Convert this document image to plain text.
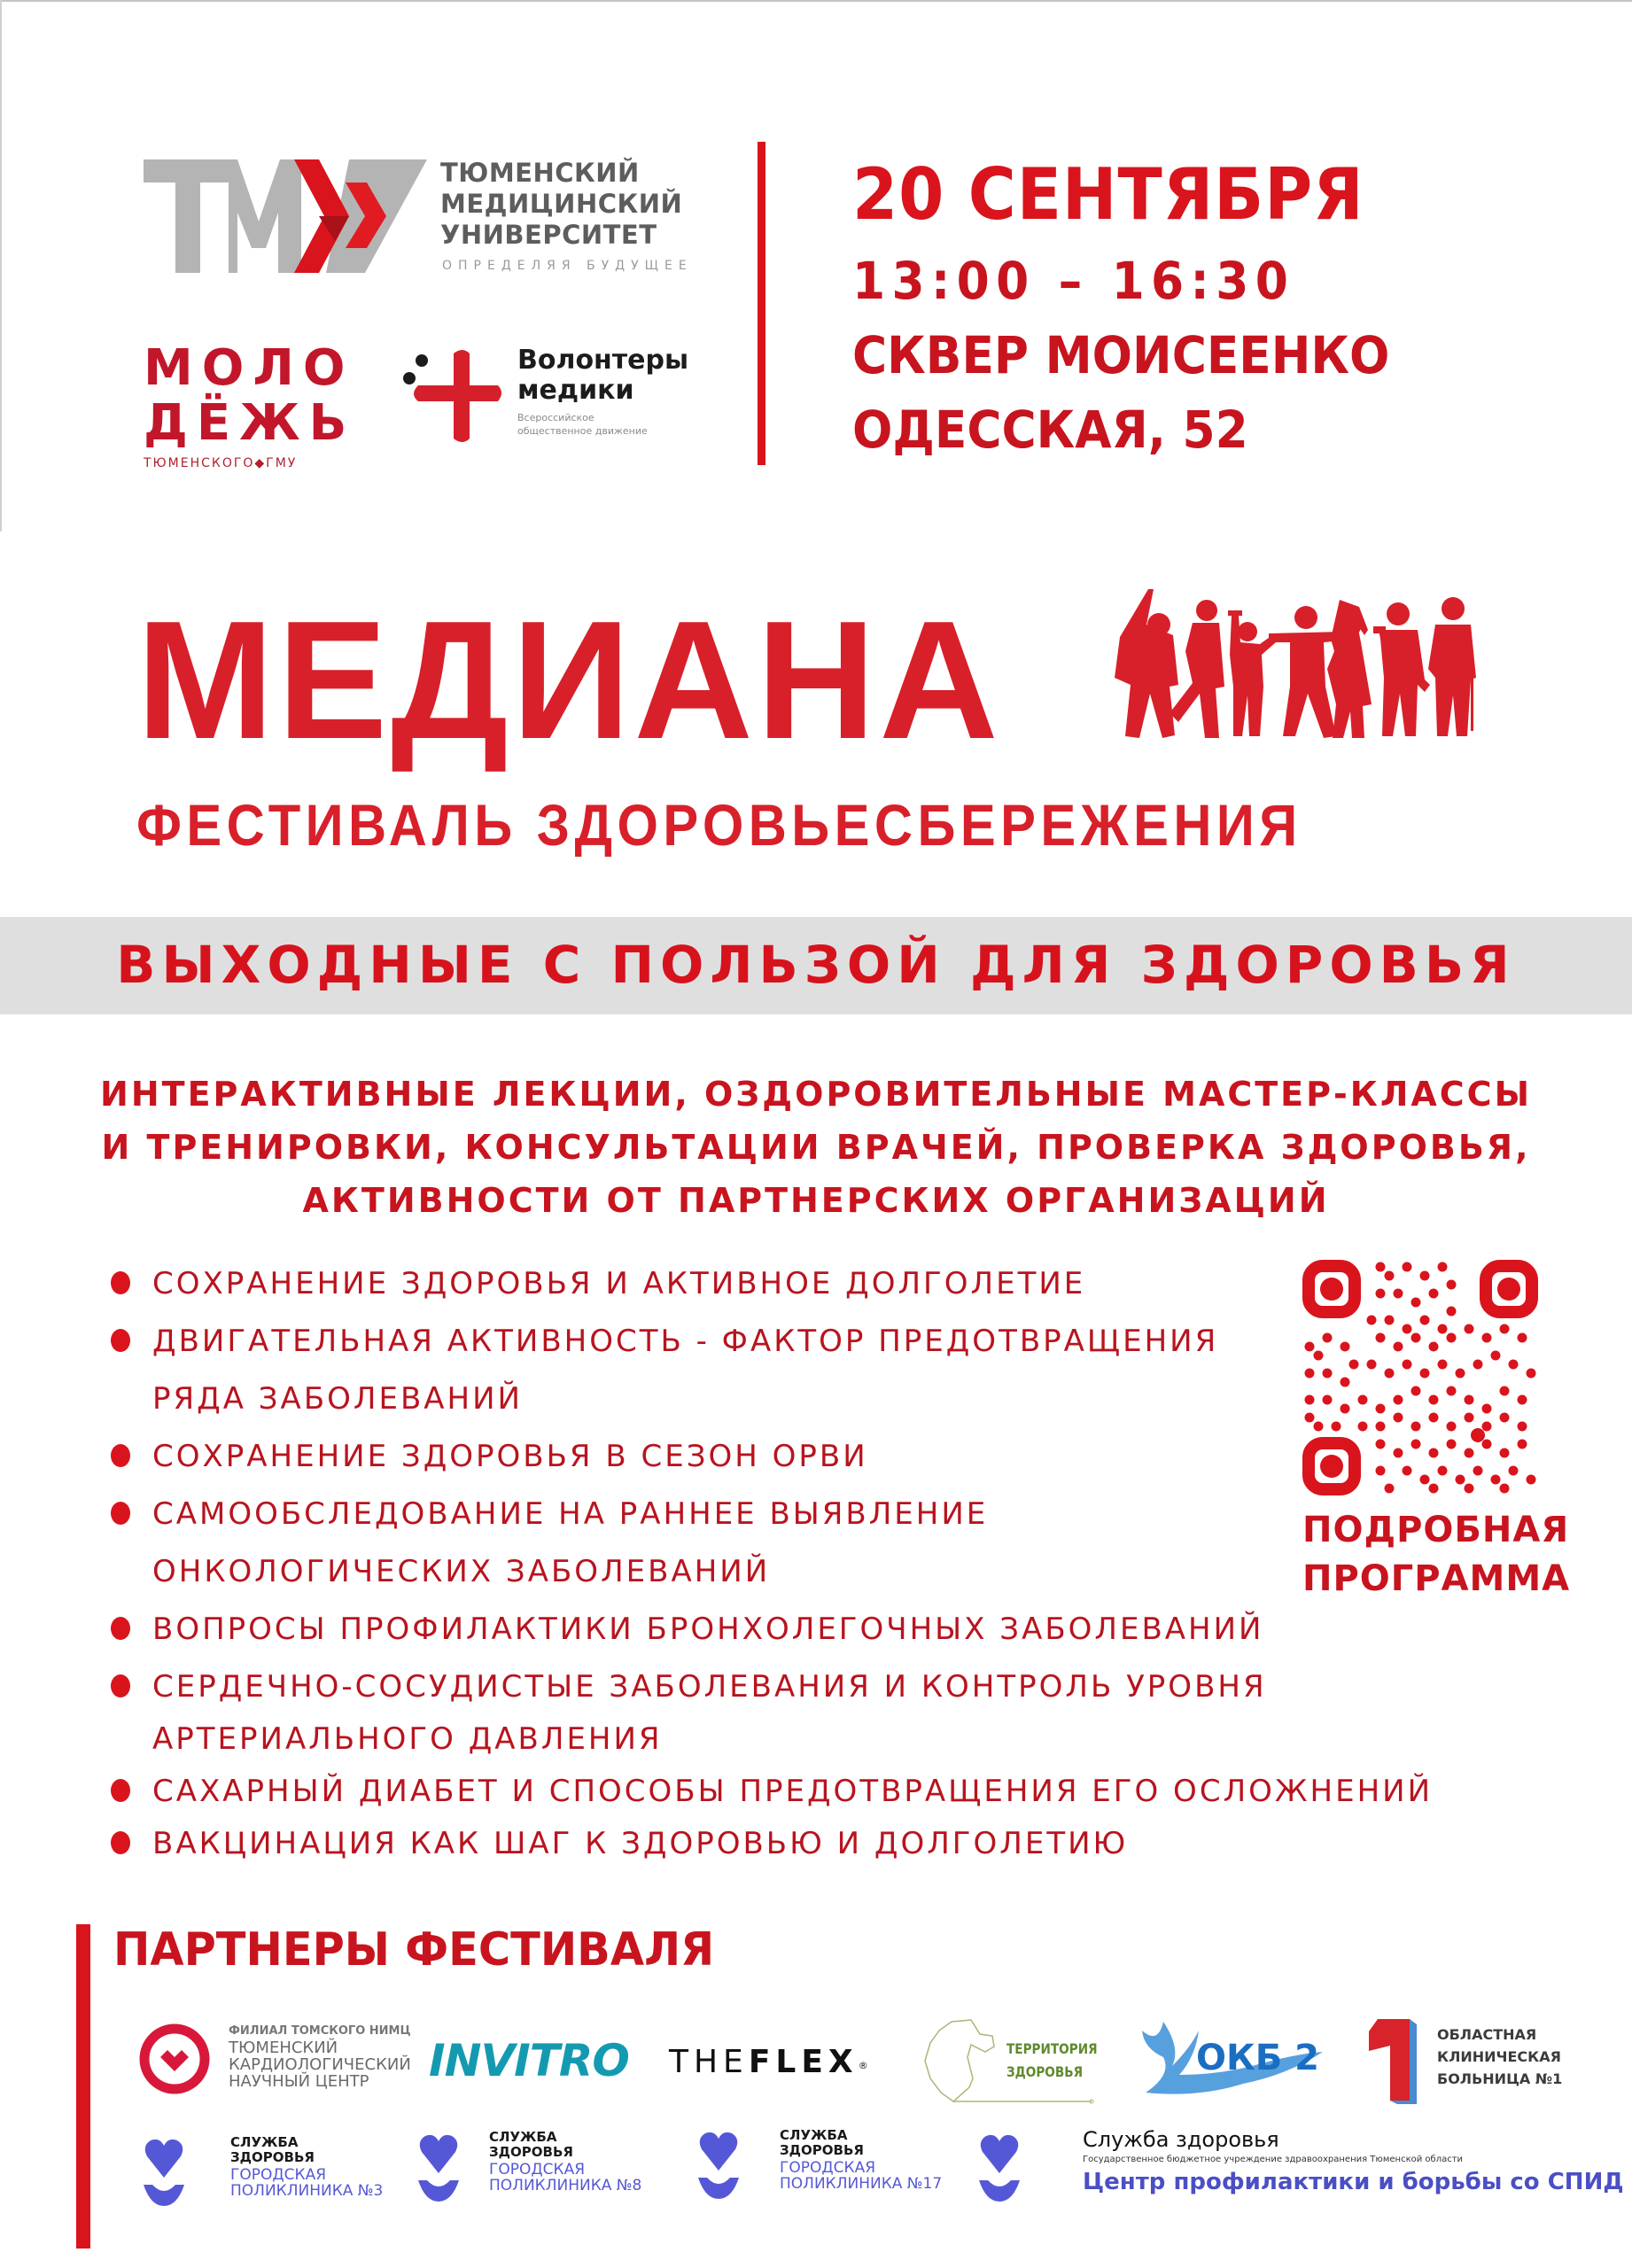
ТЮМЕНСКИЙ
МЕДИЦИНСКИЙ
УНИВЕРСИТЕТ
ОПРЕДЕЛЯЯ БУДУЩЕЕ
МОЛО
ДЁЖЬ
ТЮМЕНСКОГО◆ГМУ
Волонтеры
медики
Всероссийское
общественное движение
20 СЕНТЯБРЯ
13:00 – 16:30
СКВЕР МОИСЕЕНКО
ОДЕССКАЯ, 52
МЕДИАНА
ФЕСТИВАЛЬ ЗДОРОВЬЕСБЕРЕЖЕНИЯ
ВЫХОДНЫЕ С ПОЛЬЗОЙ ДЛЯ ЗДОРОВЬЯ
ИНТЕРАКТИВНЫЕ ЛЕКЦИИ, ОЗДОРОВИТЕЛЬНЫЕ МАСТЕР-КЛАССЫ
И ТРЕНИРОВКИ, КОНСУЛЬТАЦИИ ВРАЧЕЙ, ПРОВЕРКА ЗДОРОВЬЯ,
АКТИВНОСТИ ОТ ПАРТНЕРСКИХ ОРГАНИЗАЦИЙ
СОХРАНЕНИЕ ЗДОРОВЬЯ И АКТИВНОЕ ДОЛГОЛЕТИЕ
ДВИГАТЕЛЬНАЯ АКТИВНОСТЬ - ФАКТОР ПРЕДОТВРАЩЕНИЯ
РЯДА ЗАБОЛЕВАНИЙ
СОХРАНЕНИЕ ЗДОРОВЬЯ В СЕЗОН ОРВИ
САМООБСЛЕДОВАНИЕ НА РАННЕЕ ВЫЯВЛЕНИЕ
ОНКОЛОГИЧЕСКИХ ЗАБОЛЕВАНИЙ
ВОПРОСЫ ПРОФИЛАКТИКИ БРОНХОЛЕГОЧНЫХ ЗАБОЛЕВАНИЙ
СЕРДЕЧНО-СОСУДИСТЫЕ ЗАБОЛЕВАНИЯ И КОНТРОЛЬ УРОВНЯ
АРТЕРИАЛЬНОГО ДАВЛЕНИЯ
САХАРНЫЙ ДИАБЕТ И СПОСОБЫ ПРЕДОТВРАЩЕНИЯ ЕГО ОСЛОЖНЕНИЙ
ВАКЦИНАЦИЯ КАК ШАГ К ЗДОРОВЬЮ И ДОЛГОЛЕТИЮ
ПОДРОБНАЯ
ПРОГРАММА
ПАРТНЕРЫ ФЕСТИВАЛЯ
ФИЛИАЛ ТОМСКОГО НИМЦ
ТЮМЕНСКИЙ
КАРДИОЛОГИЧЕСКИЙ
НАУЧНЫЙ ЦЕНТР	INVITRO THEFLEX®
ТЕРРИТОРИЯ
ЗДОРОВЬЯ	ОКБ 2
ОБЛАСТНАЯ
КЛИНИЧЕСКАЯ
БОЛЬНИЦА №1
СЛУЖБА
ЗДОРОВЬЯ
ГОРОДСКАЯ
ПОЛИКЛИНИКА №3
СЛУЖБА
ЗДОРОВЬЯ
ГОРОДСКАЯ
ПОЛИКЛИНИКА №8
СЛУЖБА
ЗДОРОВЬЯ
ГОРОДСКАЯ
ПОЛИКЛИНИКА №17
Служба здоровья
Государственное бюджетное учреждение здравоохранения Тюменской области
Центр профилактики и борьбы со СПИД
